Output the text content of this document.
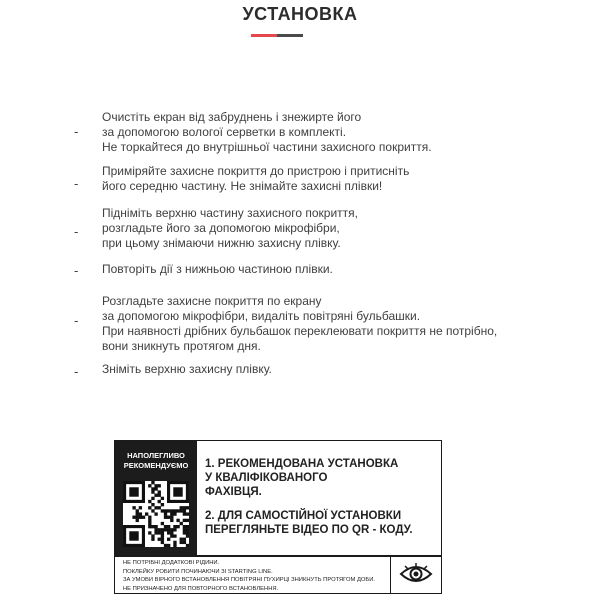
УСТАНОВКА
-
Очистіть екран від забруднень і знежирте його
за допомогою вологої серветки в комплекті.
Не торкайтеся до внутрішньої частини захисного покриття.
-
Приміряйте захисне покриття до пристрою і притисніть
його середню частину. Не знімайте захисні плівки!
-
Підніміть верхню частину захисного покриття,
розгладьте його за допомогою мікрофібри,
при цьому знімаючи нижню захисну плівку.
- Повторіть дії з нижньою частиною плівки.
-
Розгладьте захисне покриття по екрану
за допомогою мікрофібри, видаліть повітряні бульбашки.
При наявності дрібних бульбашок переклеювати покриття не потрібно,
вони зникнуть протягом дня.
- Зніміть верхню захисну плівку.
НАПОЛЕГЛИВО
РЕКОМЕНДУЄМО	1. РЕКОМЕНДОВАНА УСТАНОВКА
У КВАЛІФІКОВАНОГО
ФАХІВЦЯ.
2. ДЛЯ САМОСТІЙНОЇ УСТАНОВКИ
ПЕРЕГЛЯНЬТЕ ВІДЕО ПО QR - КОДУ.
НЕ ПОТРІБНІ ДОДАТКОВІ РІДИНИ.
ПОКЛЕЙКУ РОБИТИ ПОЧИНАЮЧИ ЗІ STARTING LINE.
ЗА УМОВИ ВІРНОГО ВСТАНОВЛЕННЯ ПОВІТРЯНІ ПУХИРЦІ ЗНИКНУТЬ ПРОТЯГОМ ДОБИ.
НЕ ПРИЗНАЧЕНО ДЛЯ ПОВТОРНОГО ВСТАНОВЛЕННЯ.
